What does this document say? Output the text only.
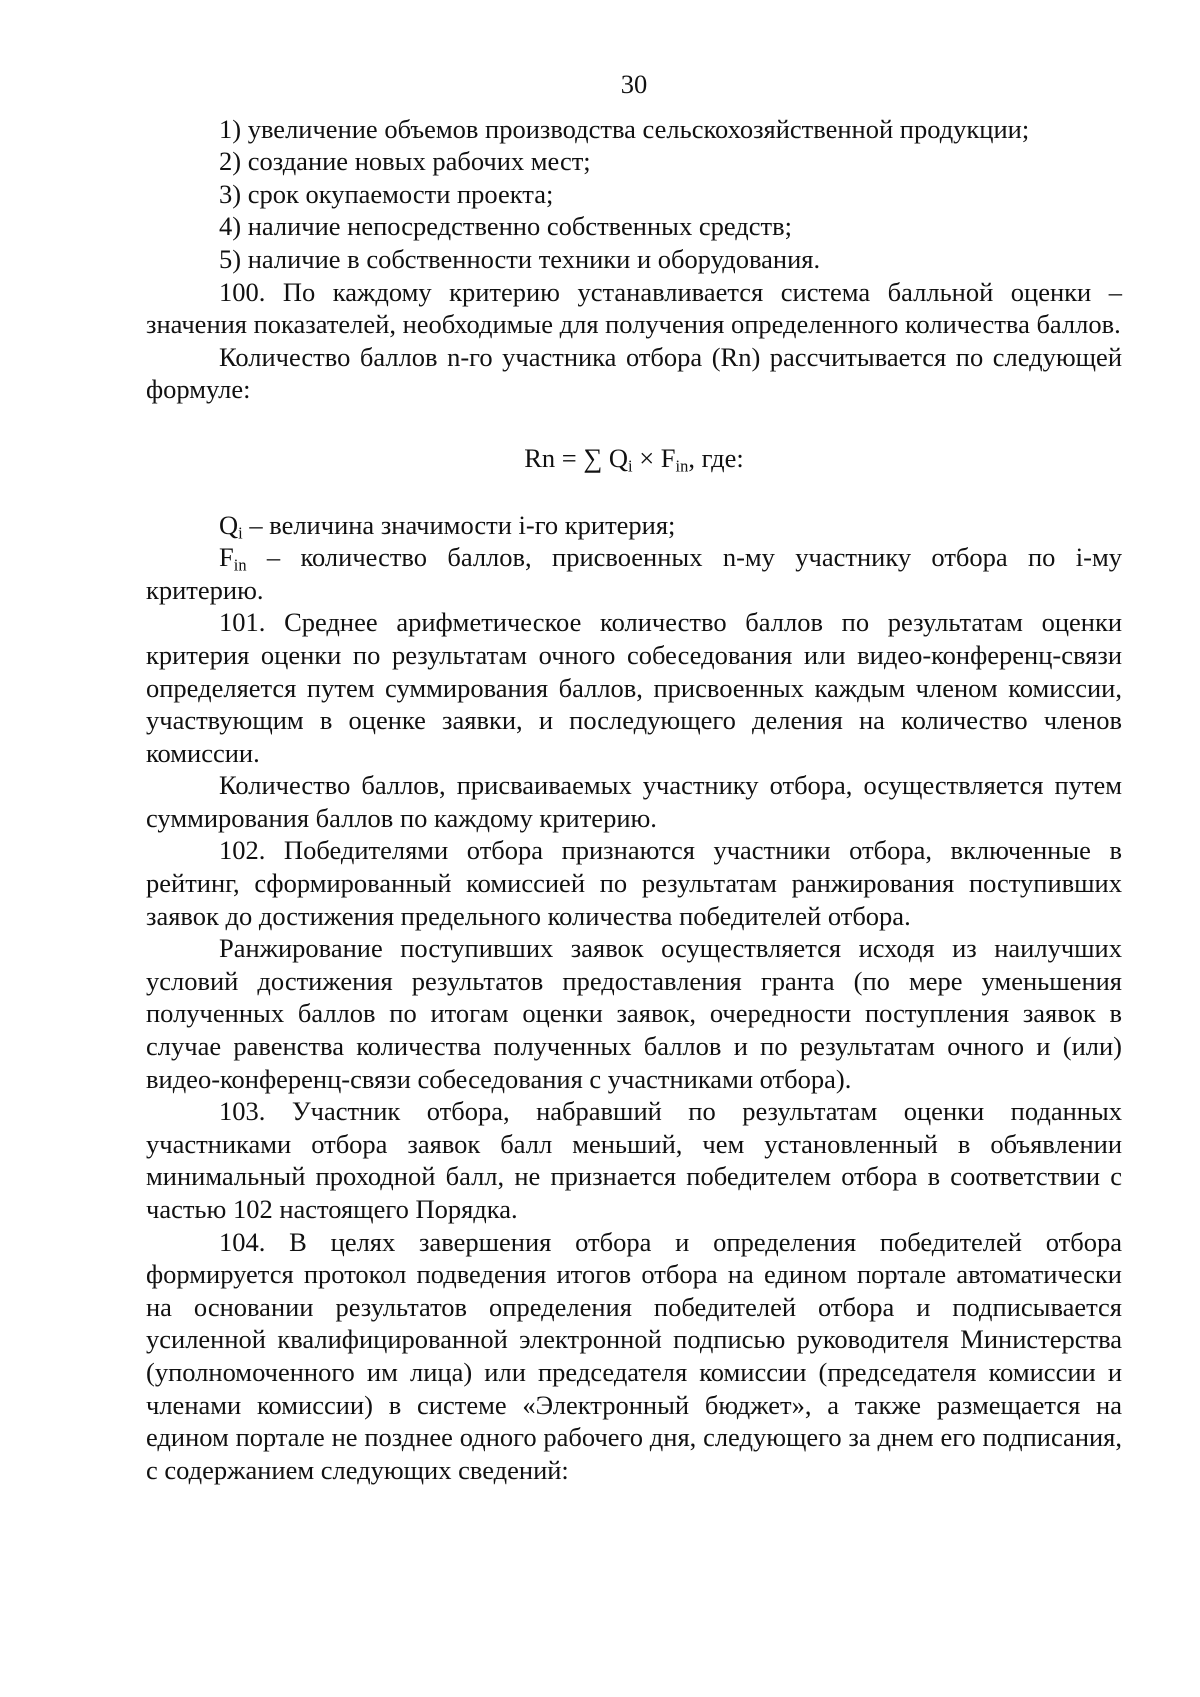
30

1) увеличение объемов производства сельскохозяйственной продукции;

2) создание новых рабочих мест;

3) срок окупаемости проекта;

4) наличие непосредственно собственных средств;

5) наличие в собственности техники и оборудования.

100. По каждому критерию устанавливается система балльной оценки – значения показателей, необходимые для получения определенного количества баллов.

Количество баллов n-го участника отбора (Rn) рассчитывается по следующей формуле:

Rn = ∑ $Q_i \times F_{in}$, где:

$Q_i$ – величина значимости i-го критерия;

$F_{in}$ – количество баллов, присвоенных n-му участнику отбора по i-му критерию.

101. Среднее арифметическое количество баллов по результатам оценки критерия оценки по результатам очного собеседования или видео-конференц-связи определяется путем суммирования баллов, присвоенных каждым членом комиссии, участвующим в оценке заявки, и последующего деления на количество членов комиссии.

Количество баллов, присваиваемых участнику отбора, осуществляется путем суммирования баллов по каждому критерию.

102. Победителями отбора признаются участники отбора, включенные в рейтинг, сформированный комиссией по результатам ранжирования поступивших заявок до достижения предельного количества победителей отбора.

Ранжирование поступивших заявок осуществляется исходя из наилучших условий достижения результатов предоставления гранта (по мере уменьшения полученных баллов по итогам оценки заявок, очередности поступления заявок в случае равенства количества полученных баллов и по результатам очного и (или) видео-конференц-связи собеседования с участниками отбора).

103. Участник отбора, набравший по результатам оценки поданных участниками отбора заявок балл меньший, чем установленный в объявлении минимальный проходной балл, не признается победителем отбора в соответствии с частью 102 настоящего Порядка.

104. В целях завершения отбора и определения победителей отбора формируется протокол подведения итогов отбора на едином портале автоматически на основании результатов определения победителей отбора и подписывается усиленной квалифицированной электронной подписью руководителя Министерства (уполномоченного им лица) или председателя комиссии (председателя комиссии и членами комиссии) в системе «Электронный бюджет», а также размещается на едином портале не позднее одного рабочего дня, следующего за днем его подписания, с содержанием следующих сведений:
